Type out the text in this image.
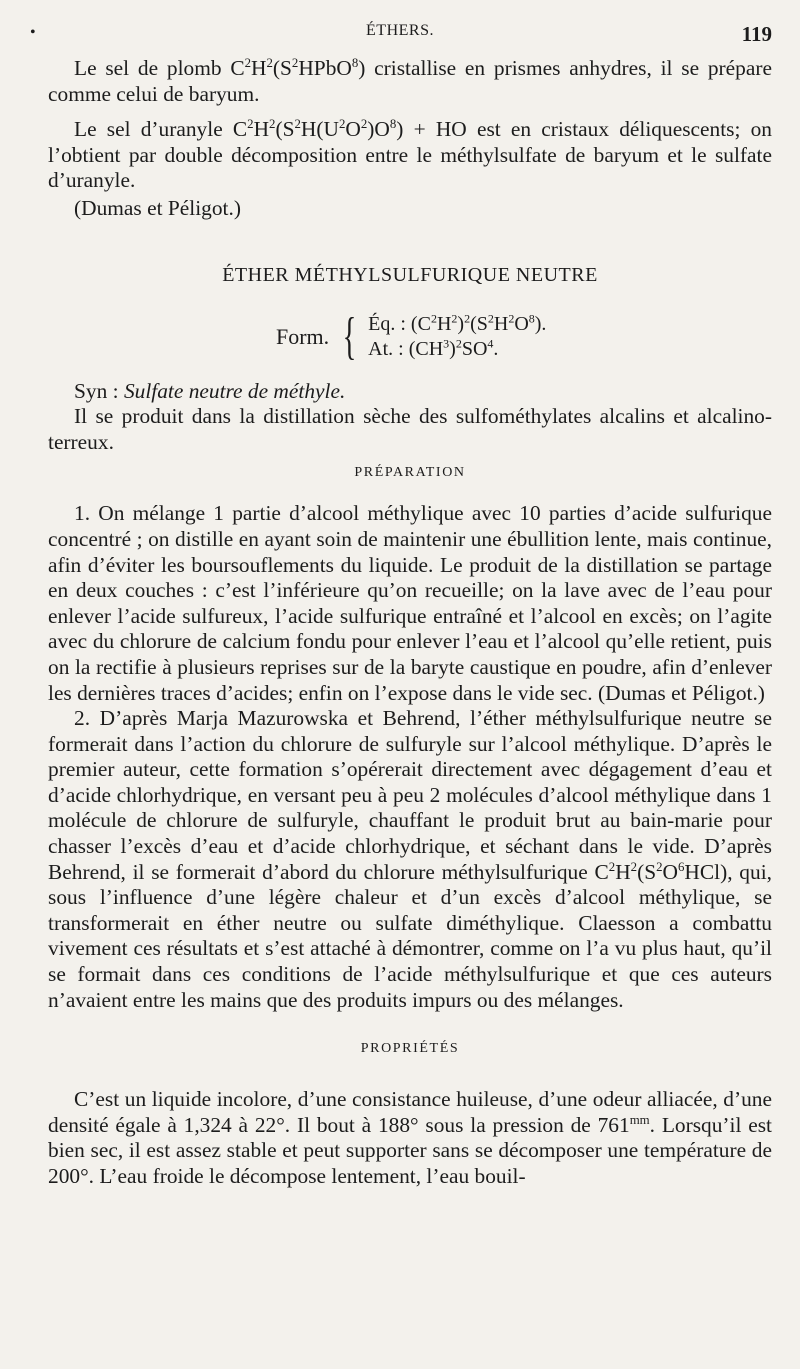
•	ÉTHERS.	119

Le sel de plomb $C^2H^2(S^2HPbO^8)$ cristallise en prismes anhydres, il se prépare comme celui de baryum.

Le sel d’uranyle $C^2H^2(S^2H(U^2O^2)O^8)$ + HO est en cristaux déliquescents; on l’obtient par double décomposition entre le méthylsulfate de baryum et le sulfate d’uranyle.

(Dumas et Péligot.)

ÉTHER MÉTHYLSULFURIQUE NEUTRE
Form. { Éq. : $(C^2H^2)^2(S^2H^2O^8)$.
At. : $(CH^3)^2SO^4$.

Syn : Sulfate neutre de méthyle.

Il se produit dans la distillation sèche des sulfométhylates alcalins et alcalino-terreux.

PRÉPARATION

1. On mélange 1 partie d’alcool méthylique avec 10 parties d’acide sulfurique concentré ; on distille en ayant soin de maintenir une ébullition lente, mais continue, afin d’éviter les boursouflements du liquide. Le produit de la distillation se partage en deux couches : c’est l’inférieure qu’on recueille; on la lave avec de l’eau pour enlever l’acide sulfureux, l’acide sulfurique entraîné et l’alcool en excès; on l’agite avec du chlorure de calcium fondu pour enlever l’eau et l’alcool qu’elle retient, puis on la rectifie à plusieurs reprises sur de la baryte caustique en poudre, afin d’enlever les dernières traces d’acides; enfin on l’expose dans le vide sec. (Dumas et Péligot.)

2. D’après Marja Mazurowska et Behrend, l’éther méthylsulfurique neutre se formerait dans l’action du chlorure de sulfuryle sur l’alcool méthylique. D’après le premier auteur, cette formation s’opérerait directement avec dégagement d’eau et d’acide chlorhydrique, en versant peu à peu 2 molécules d’alcool méthylique dans 1 molécule de chlorure de sulfuryle, chauffant le produit brut au bain-marie pour chasser l’excès d’eau et d’acide chlorhydrique, et séchant dans le vide. D’après Behrend, il se formerait d’abord du chlorure méthylsulfurique $C^2H^2(S^2O^6HCl)$, qui, sous l’influence d’une légère chaleur et d’un excès d’alcool méthylique, se transformerait en éther neutre ou sulfate diméthylique. Claesson a combattu vivement ces résultats et s’est attaché à démontrer, comme on l’a vu plus haut, qu’il se formait dans ces conditions de l’acide méthylsulfurique et que ces auteurs n’avaient entre les mains que des produits impurs ou des mélanges.

PROPRIÉTÉS

C’est un liquide incolore, d’une consistance huileuse, d’une odeur alliacée, d’une densité égale à 1,324 à 22°. Il bout à 188° sous la pression de $761^{mm}$. Lorsqu’il est bien sec, il est assez stable et peut supporter sans se décomposer une température de 200°. L’eau froide le décompose lentement, l’eau bouil-
